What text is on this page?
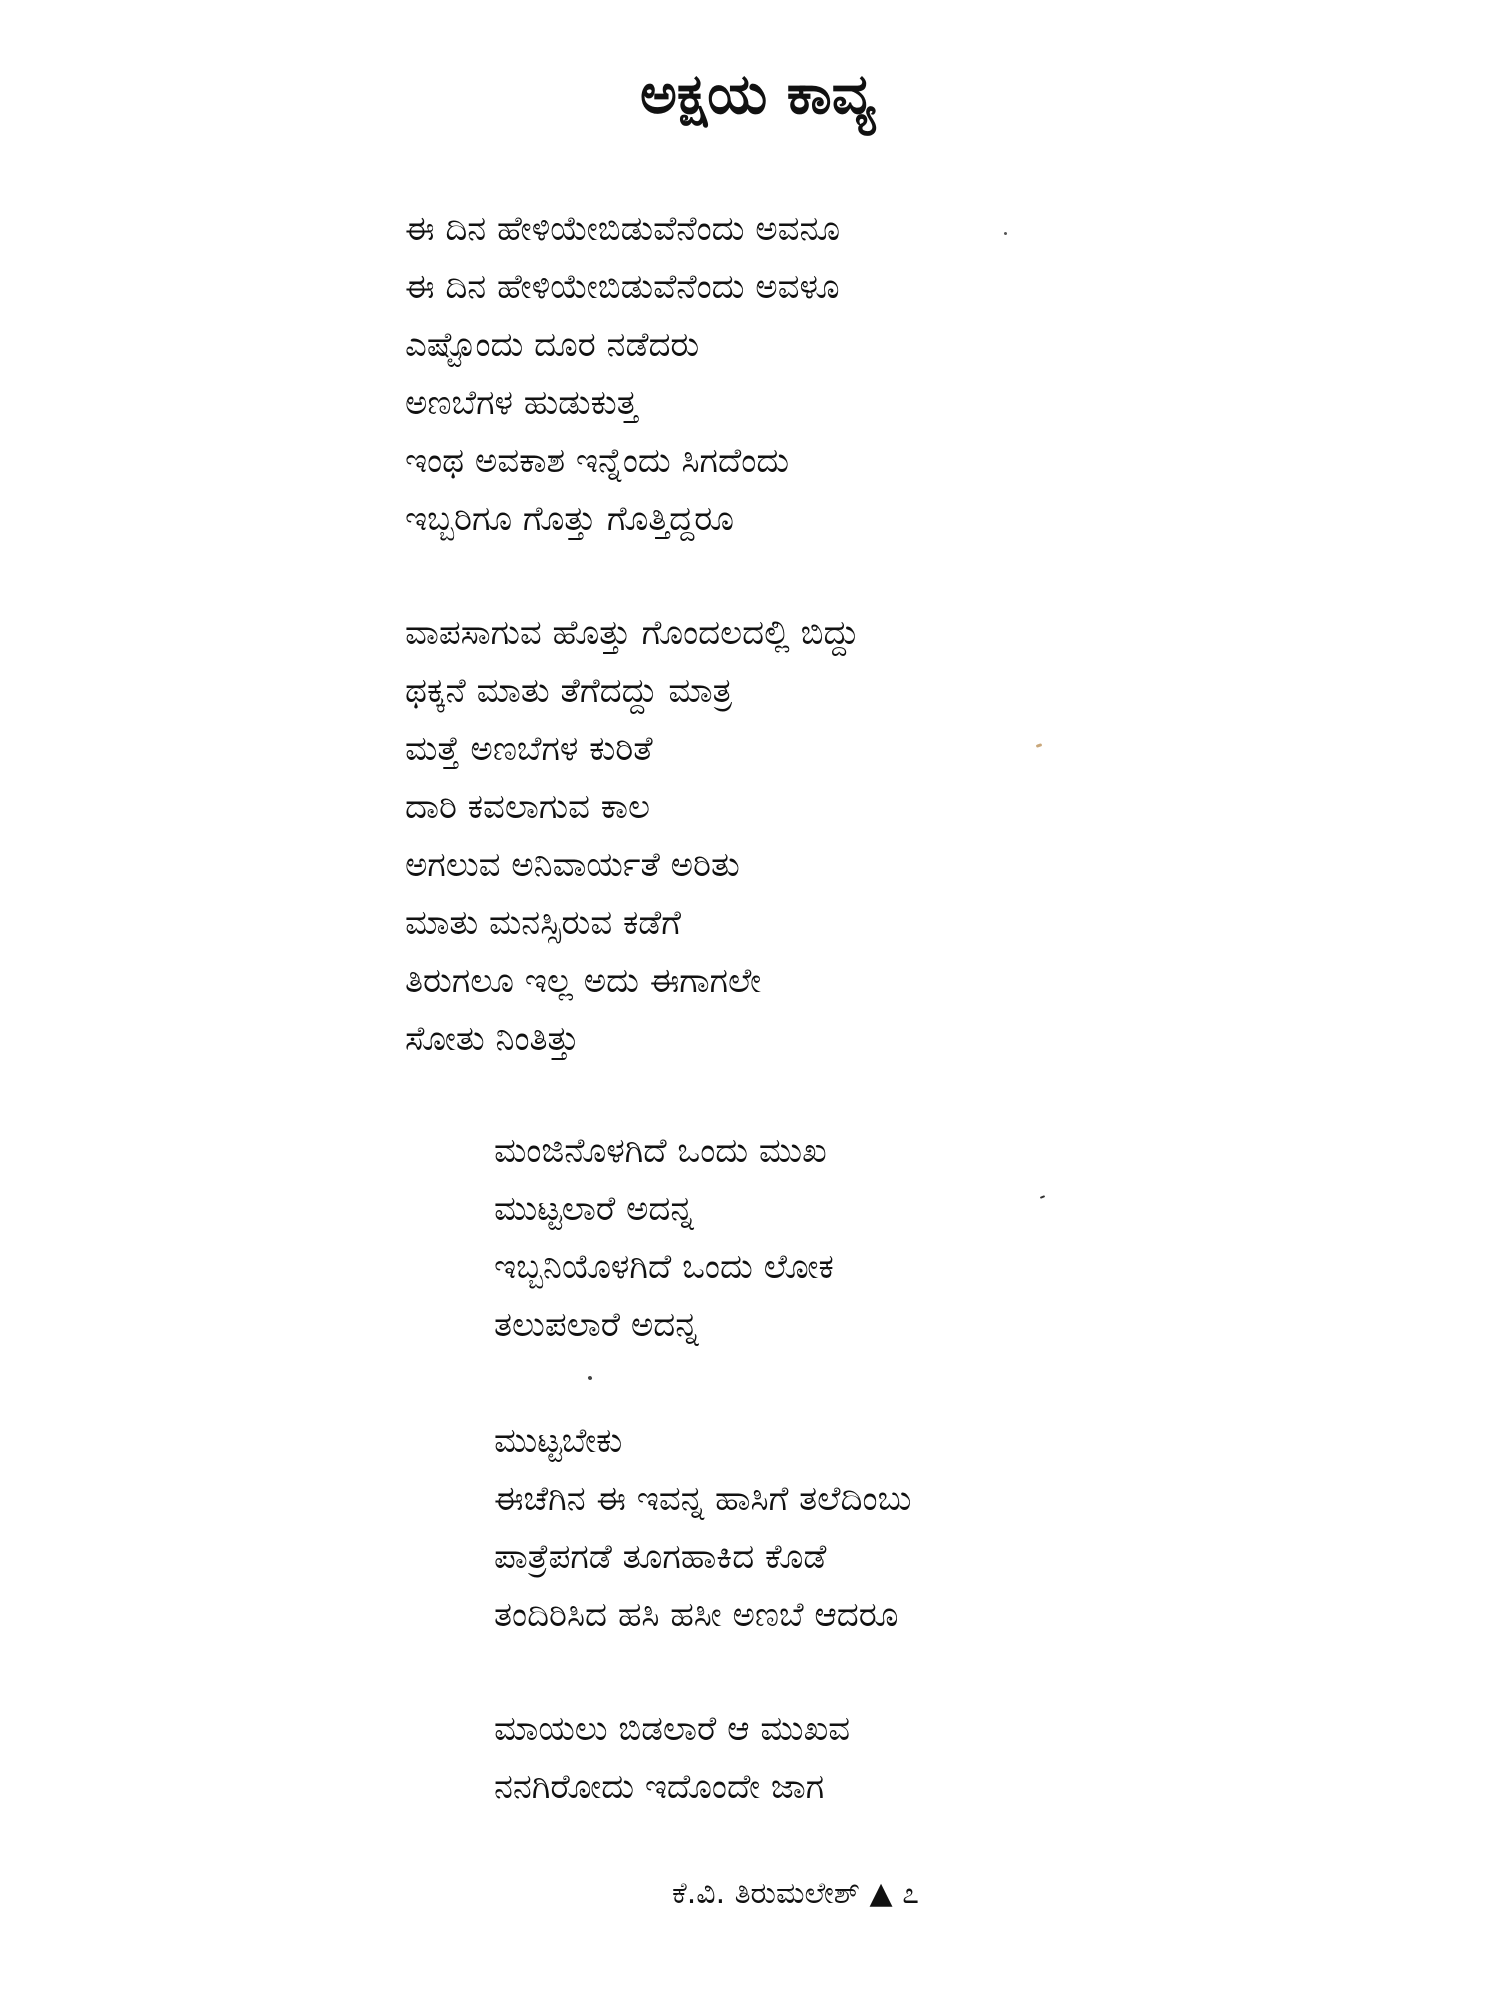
ಅಕ್ಷಯ ಕಾವ್ಯ
ಈ ದಿನ ಹೇಳಿಯೇಬಿಡುವೆನೆಂದು ಅವನೂ
ಈ ದಿನ ಹೇಳಿಯೇಬಿಡುವೆನೆಂದು ಅವಳೂ
ಎಷ್ಟೊಂದು ದೂರ ನಡೆದರು
ಅಣಬೆಗಳ ಹುಡುಕುತ್ತ
ಇಂಥ ಅವಕಾಶ ಇನ್ನೆಂದು ಸಿಗದೆಂದು
ಇಬ್ಬರಿಗೂ ಗೊತ್ತು ಗೊತ್ತಿದ್ದರೂ
ವಾಪಸಾಗುವ ಹೊತ್ತು ಗೊಂದಲದಲ್ಲಿ ಬಿದ್ದು
ಥಕ್ಕನೆ ಮಾತು ತೆಗೆದದ್ದು ಮಾತ್ರ
ಮತ್ತೆ ಅಣಬೆಗಳ ಕುರಿತೆ
ದಾರಿ ಕವಲಾಗುವ ಕಾಲ
ಅಗಲುವ ಅನಿವಾರ್ಯತೆ ಅರಿತು
ಮಾತು ಮನಸ್ಸಿರುವ ಕಡೆಗೆ
ತಿರುಗಲೂ ಇಲ್ಲ ಅದು ಈಗಾಗಲೇ
ಸೋತು ನಿಂತಿತ್ತು
ಮಂಜಿನೊಳಗಿದೆ ಒಂದು ಮುಖ
ಮುಟ್ಟಲಾರೆ ಅದನ್ನ
ಇಬ್ಬನಿಯೊಳಗಿದೆ ಒಂದು ಲೋಕ
ತಲುಪಲಾರೆ ಅದನ್ನ
ಮುಟ್ಟಬೇಕು
ಈಚೆಗಿನ ಈ ಇವನ್ನ ಹಾಸಿಗೆ ತಲೆದಿಂಬು
ಪಾತ್ರೆಪಗಡೆ ತೂಗಹಾಕಿದ ಕೊಡೆ
ತಂದಿರಿಸಿದ ಹಸಿ ಹಸೀ ಅಣಬೆ ಆದರೂ
ಮಾಯಲು ಬಿಡಲಾರೆ ಆ ಮುಖವ
ನನಗಿರೋದು ಇದೊಂದೇ ಜಾಗ
ಕೆ.ವಿ. ತಿರುಮಲೇಶ್ ▲ ೭
